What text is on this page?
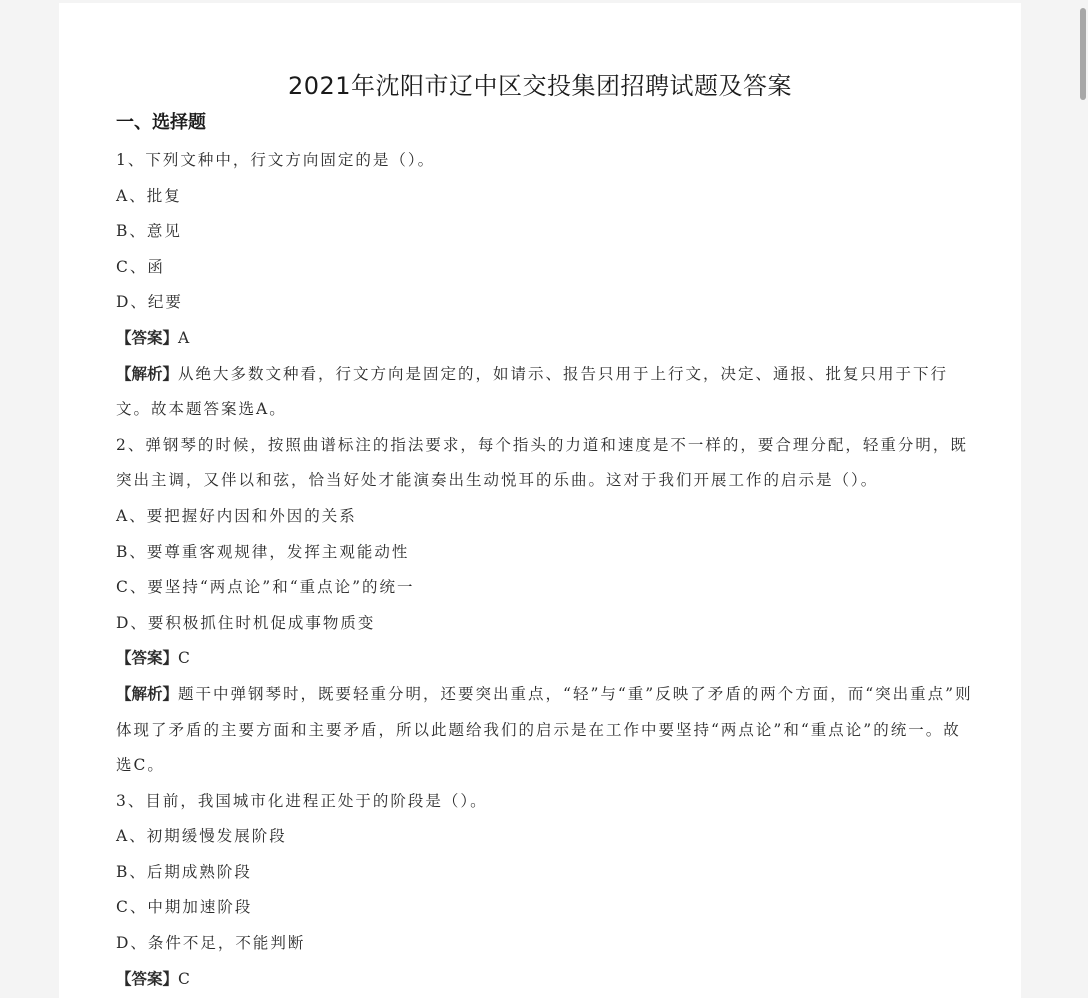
2021年沈阳市辽中区交投集团招聘试题及答案
一、选择题
1、下列文种中，行文方向固定的是（）。
A、批复
B、意见
C、函
D、纪要
【答案】A
【解析】从绝大多数文种看，行文方向是固定的，如请示、报告只用于上行文，决定、通报、批复只用于下行文。故本题答案选A。
2、弹钢琴的时候，按照曲谱标注的指法要求，每个指头的力道和速度是不一样的，要合理分配，轻重分明，既突出主调，又伴以和弦，恰当好处才能演奏出生动悦耳的乐曲。这对于我们开展工作的启示是（）。
A、要把握好内因和外因的关系
B、要尊重客观规律，发挥主观能动性
C、要坚持“两点论”和“重点论”的统一
D、要积极抓住时机促成事物质变
【答案】C
【解析】题干中弹钢琴时，既要轻重分明，还要突出重点，“轻”与“重”反映了矛盾的两个方面，而“突出重点”则体现了矛盾的主要方面和主要矛盾，所以此题给我们的启示是在工作中要坚持“两点论”和“重点论”的统一。故选C。
3、目前，我国城市化进程正处于的阶段是（）。
A、初期缓慢发展阶段
B、后期成熟阶段
C、中期加速阶段
D、条件不足，不能判断
【答案】C
